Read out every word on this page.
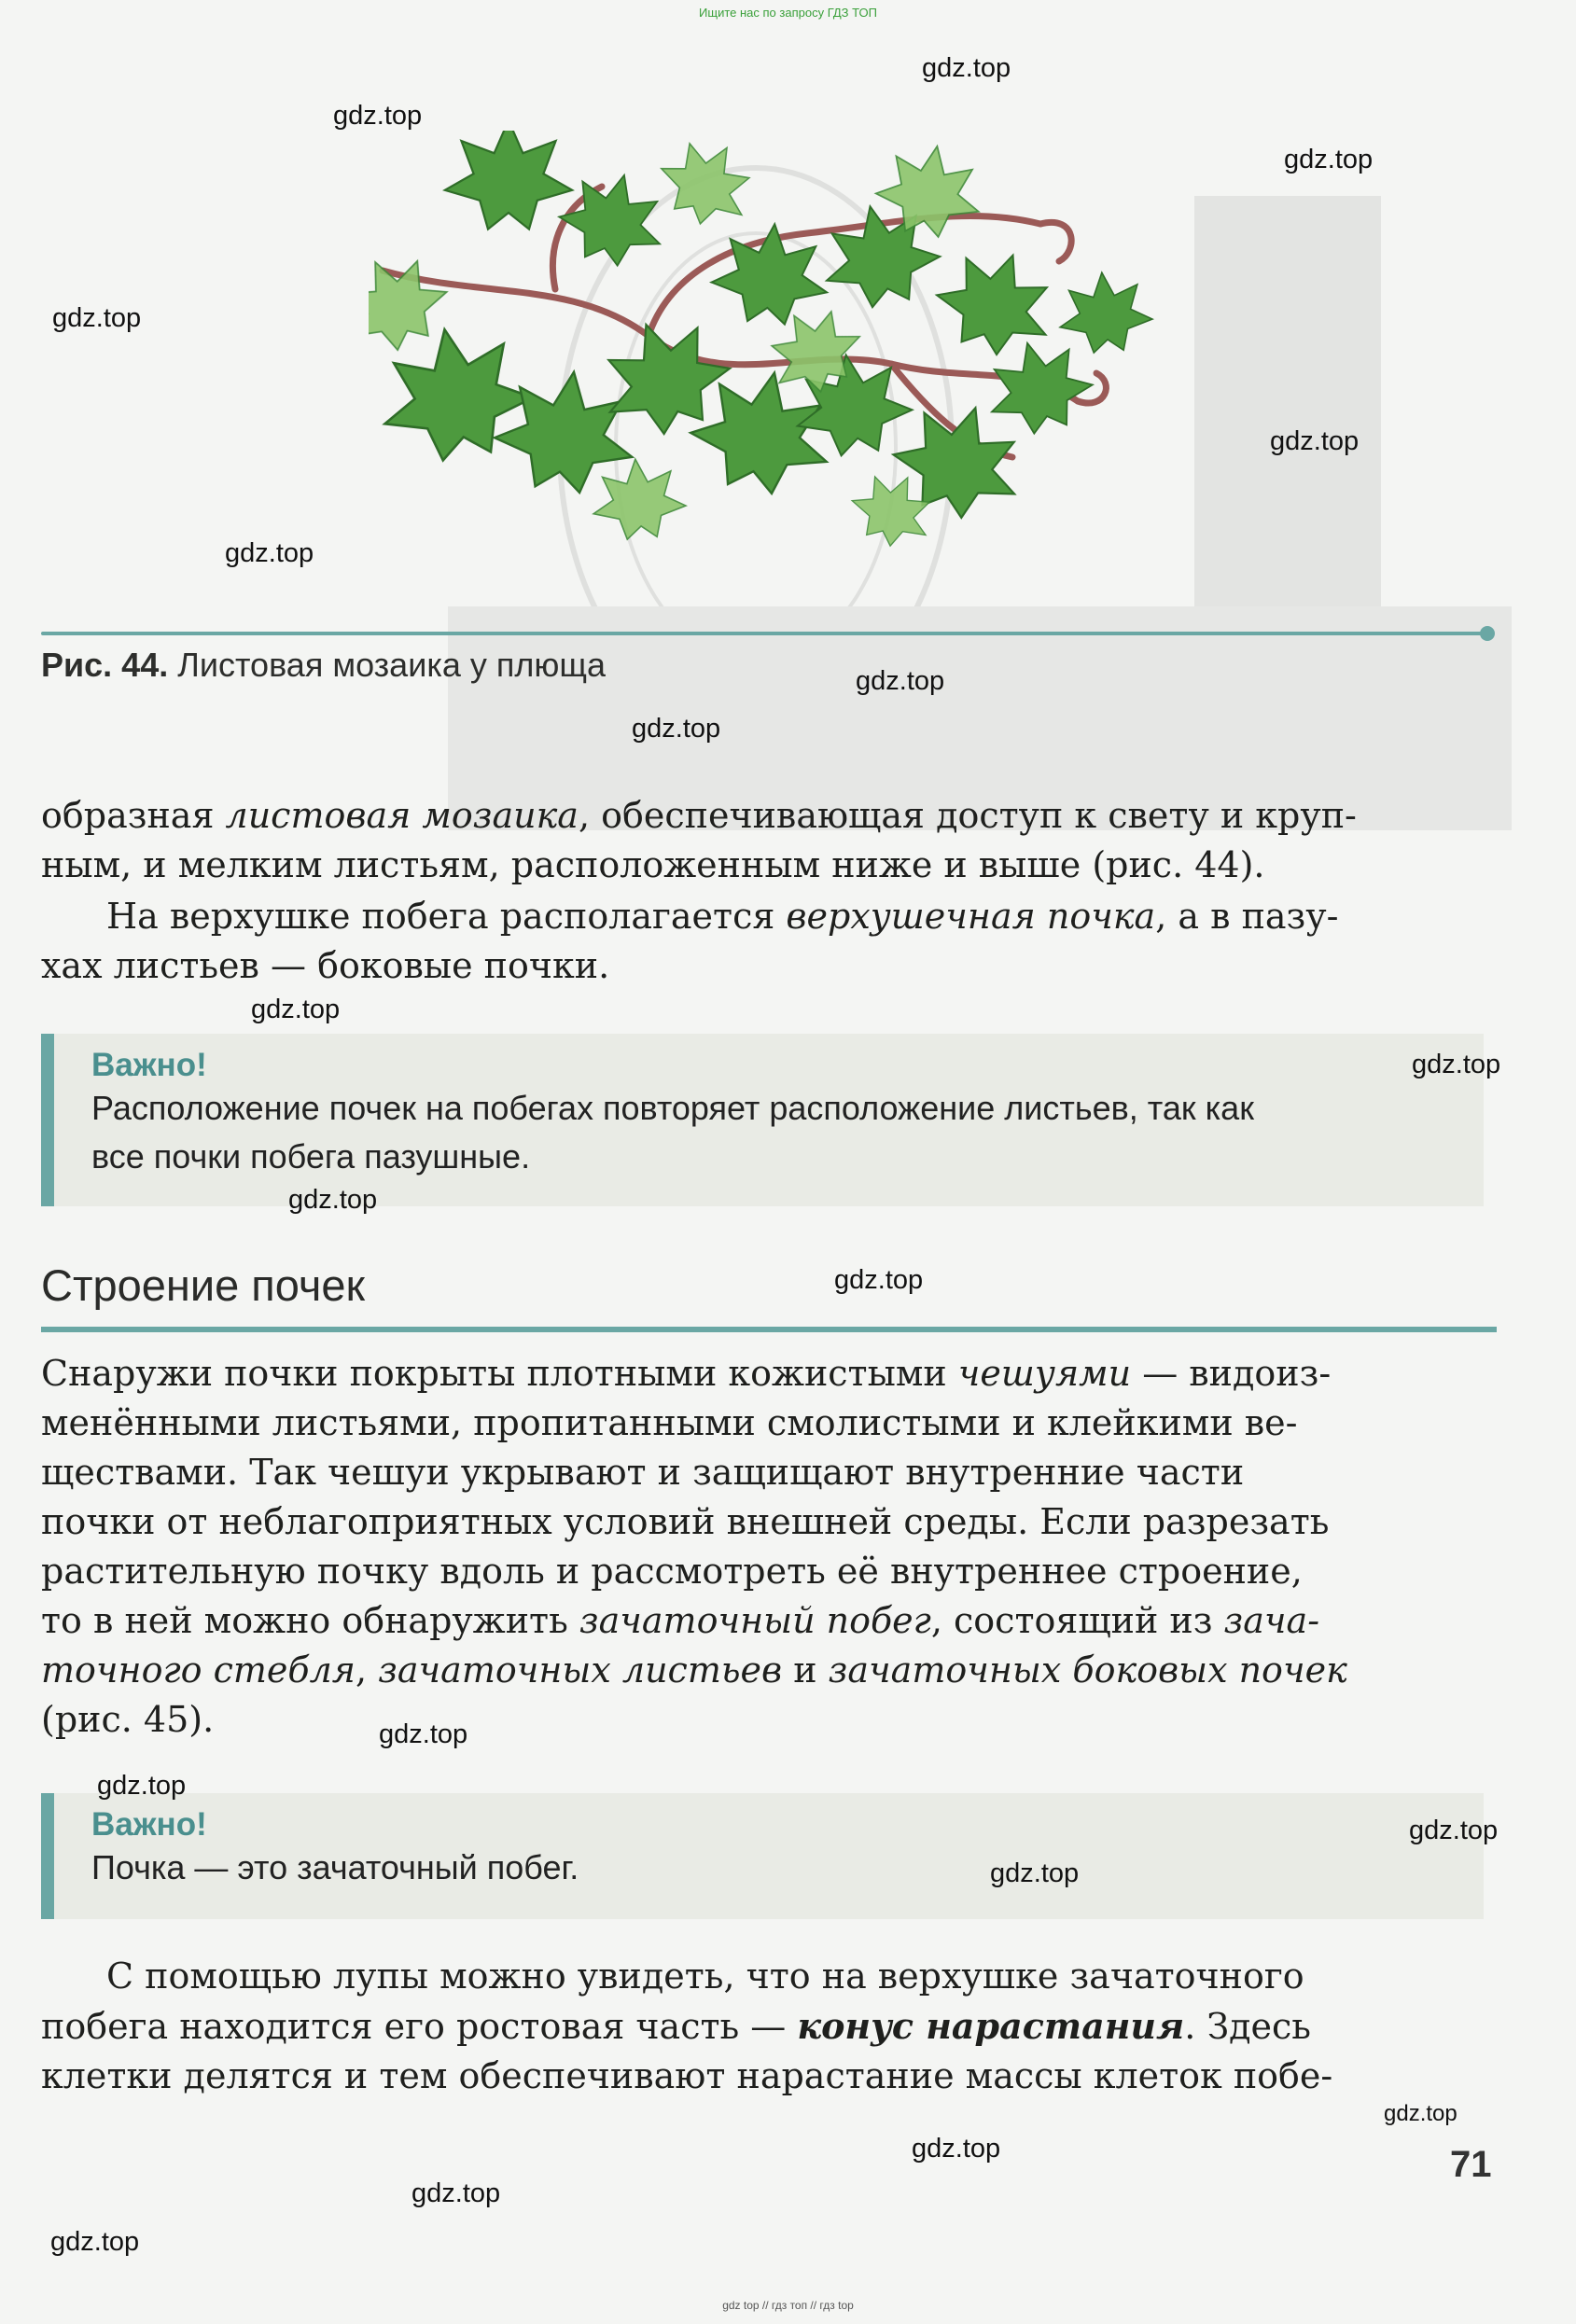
Ищите нас по запросу ГДЗ ТОП
Рис. 44. Листовая мозаика у плюща
образная листовая мозаика, обеспечивающая доступ к свету и круп-
ным, и мелким листьям, расположенным ниже и выше (рис. 44).
На верхушке побега располагается верхушечная почка, а в пазу-
хах листьев — боковые почки.
Важно!
Расположение почек на побегах повторяет расположение листьев, так как
все почки побега пазушные.
Строение почек
Снаружи почки покрыты плотными кожистыми чешуями — видоиз-
менёнными листьями, пропитанными смолистыми и клейкими ве-
ществами. Так чешуи укрывают и защищают внутренние части
почки от неблагоприятных условий внешней среды. Если разрезать
растительную почку вдоль и рассмотреть её внутреннее строение,
то в ней можно обнаружить зачаточный побег, состоящий из зача-
точного стебля, зачаточных листьев и зачаточных боковых почек
(рис. 45).
Важно!
Почка — это зачаточный побег.
С помощью лупы можно увидеть, что на верхушке зачаточного
побега находится его ростовая часть — конус нарастания. Здесь
клетки делятся и тем обеспечивают нарастание массы клеток побе-
71
gdz.top
gdz.top
gdz.top
gdz.top
gdz.top
gdz.top
gdz.top
gdz.top
gdz.top
gdz.top
gdz.top
gdz.top
gdz.top
gdz.top
gdz.top
gdz.top
gdz.top
gdz.top
gdz.top
gdz.top
gdz top // гдз топ // гдз top
